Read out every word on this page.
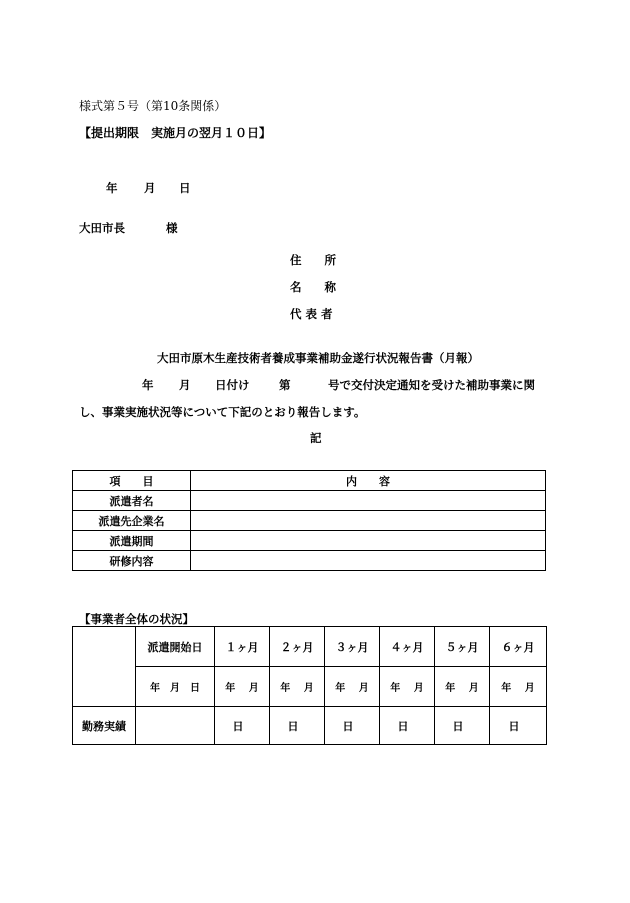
様式第５号（第10条関係）
【提出期限　実施月の翌月１０日】
年 月 日
大田市長	様
住　　所
名　　称
代 表 者
大田市原木生産技術者養成事業補助金遂行状況報告書（月報）
年 月 日付け	第	号で交付決定通知を受けた補助事業に関
し、事業実施状況等について下記のとおり報告します。
記
項　　目	内　　容
派遣者名	
派遣先企業名	
派遣期間	
研修内容	
【事業者全体の状況】
	派遣開始日	１ヶ月	２ヶ月	３ヶ月	４ヶ月	５ヶ月	６ヶ月
	年　月　日	年　 月	年　 月	年　 月	年　 月	年　 月	年　 月
勤務実績		日	日	日	日	日	日
